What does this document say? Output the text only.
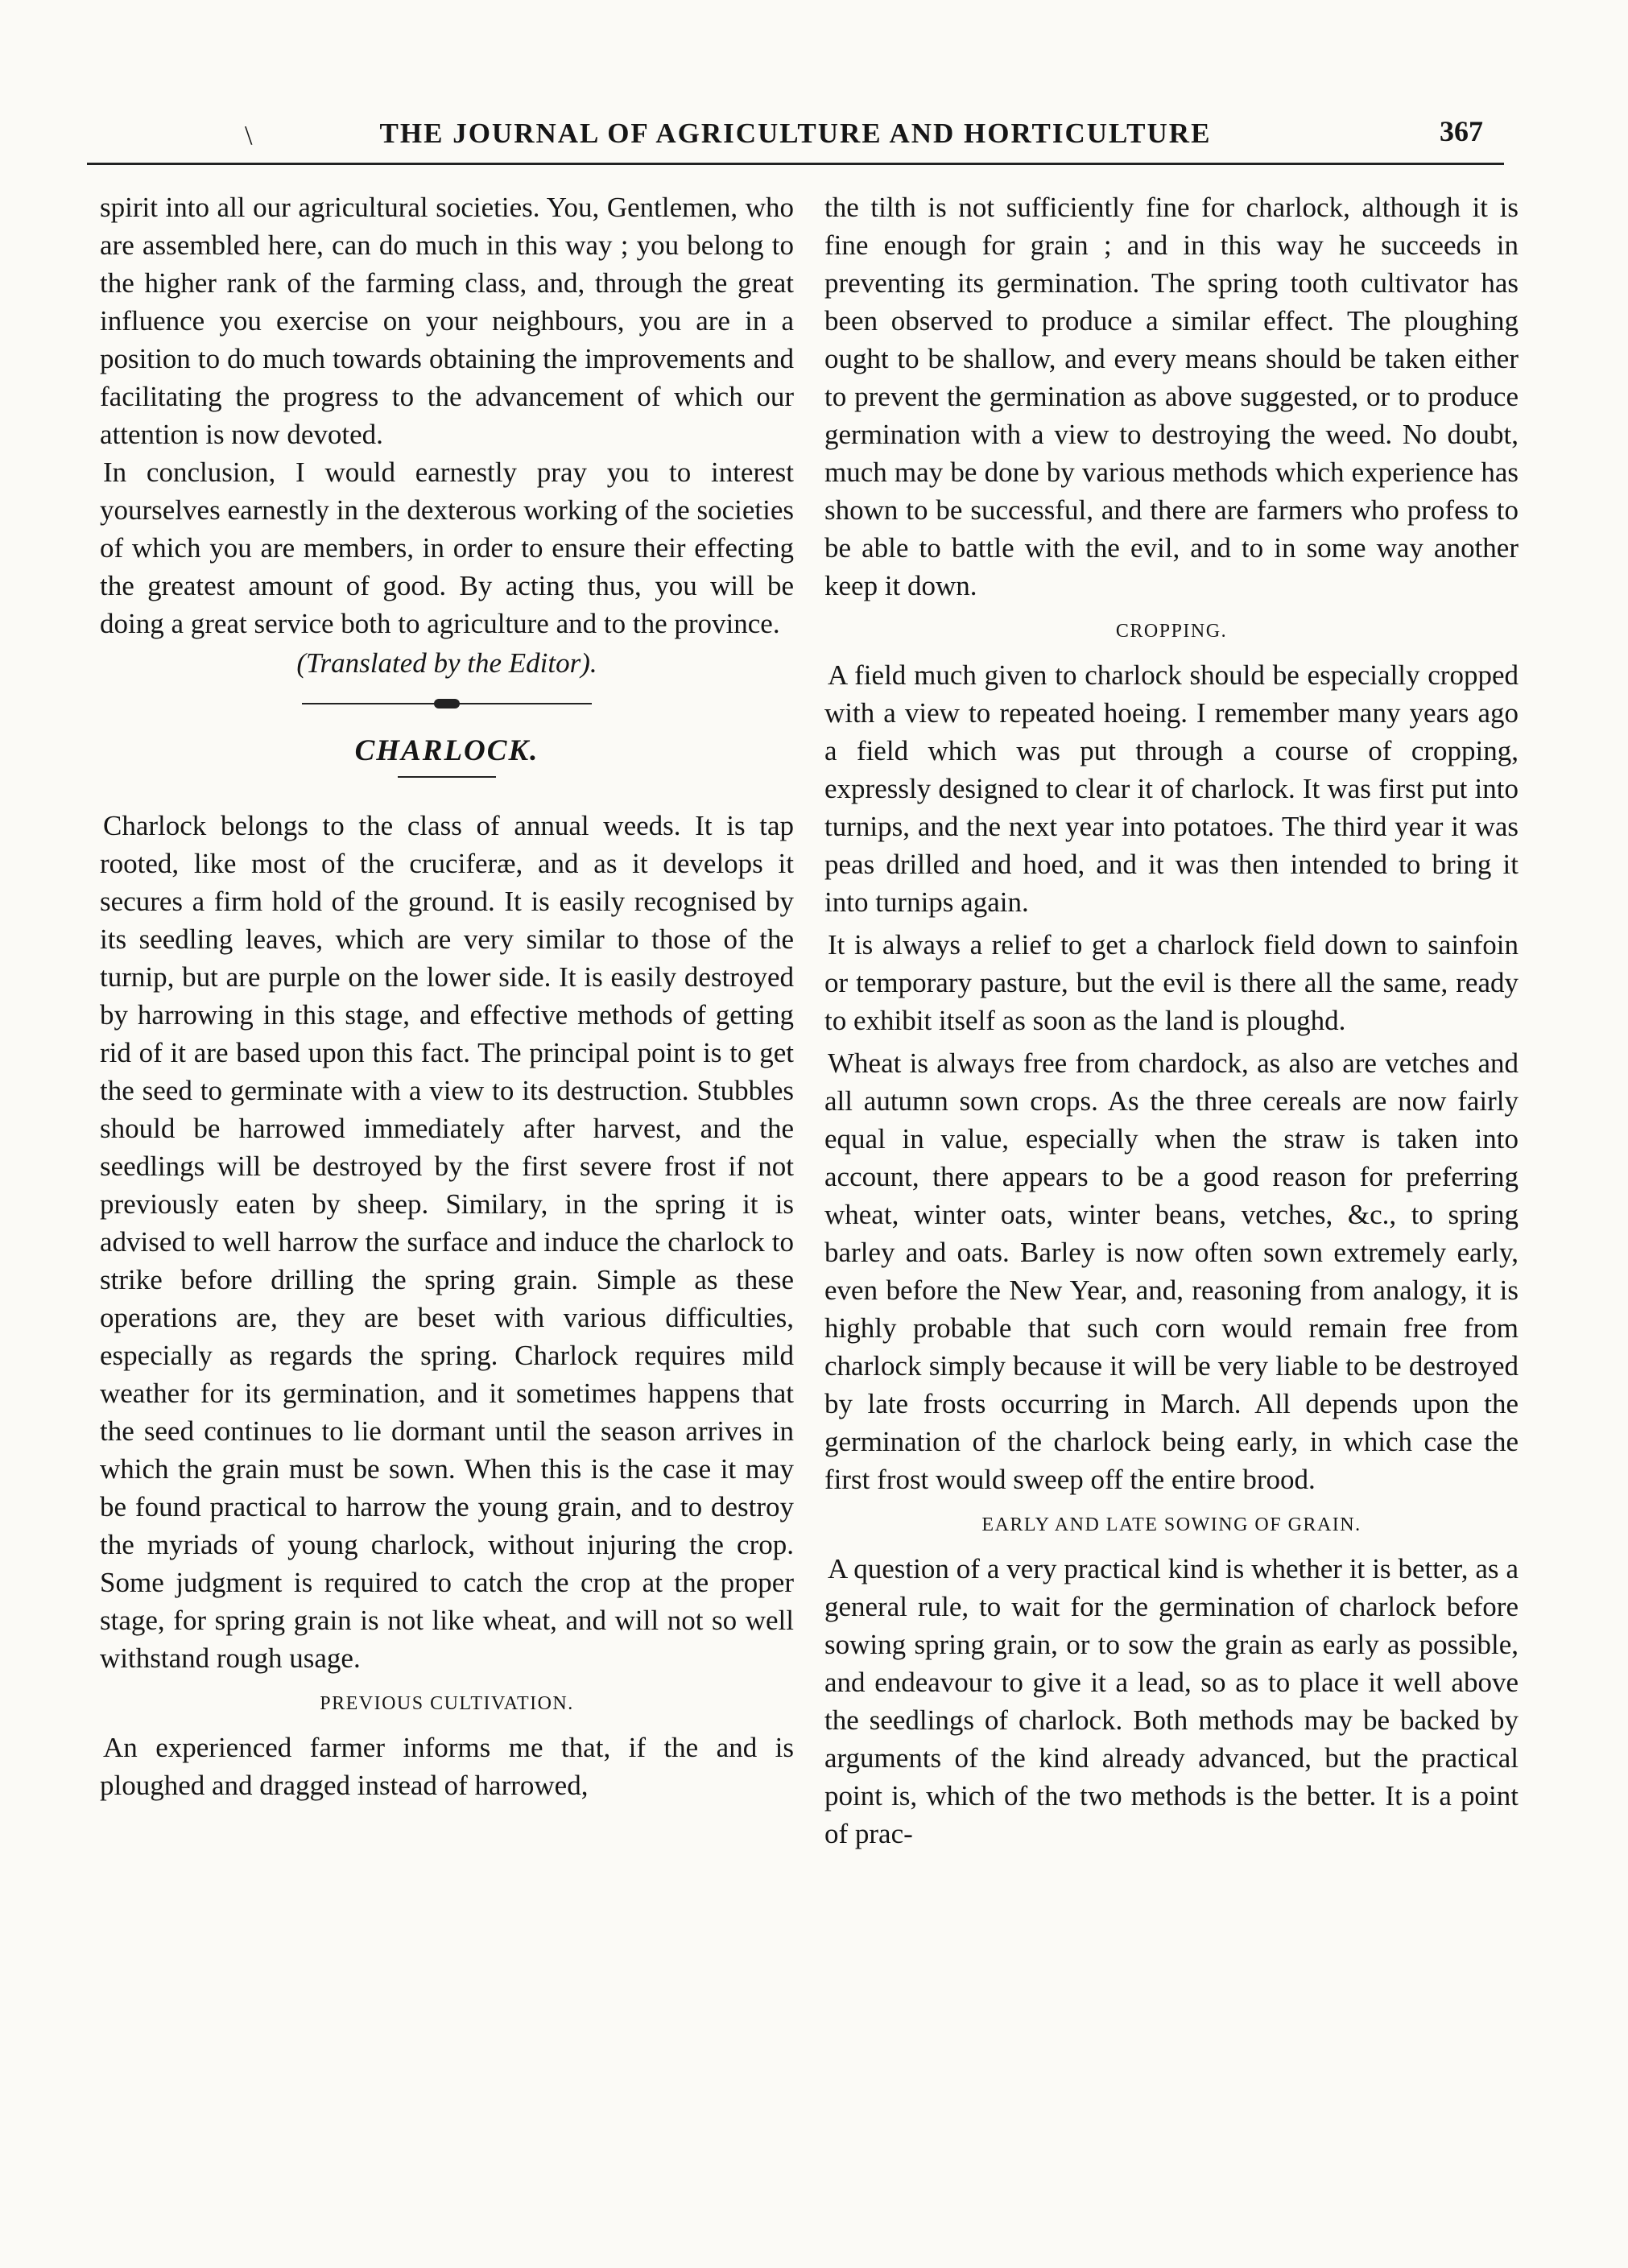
\	THE JOURNAL OF AGRICULTURE AND HORTICULTURE	367

spirit into all our agricultural societies. You, Gentlemen, who are assembled here, can do much in this way ; you belong to the higher rank of the farming class, and, through the great influence you exercise on your neighbours, you are in a position to do much towards obtaining the improvements and facilitating the progress to the advancement of which our attention is now devoted.

In conclusion, I would earnestly pray you to interest yourselves earnestly in the dexterous working of the societies of which you are members, in order to ensure their effecting the greatest amount of good. By acting thus, you will be doing a great service both to agriculture and to the province.

(Translated by the Editor).
CHARLOCK.

Charlock belongs to the class of annual weeds. It is tap rooted, like most of the cruciferæ, and as it develops it secures a firm hold of the ground. It is easily recognised by its seedling leaves, which are very similar to those of the turnip, but are purple on the lower side. It is easily destroyed by harrowing in this stage, and effective methods of getting rid of it are based upon this fact. The principal point is to get the seed to germinate with a view to its destruction. Stubbles should be harrowed immediately after harvest, and the seedlings will be destroyed by the first severe frost if not previously eaten by sheep. Similary, in the spring it is advised to well harrow the surface and induce the charlock to strike before drilling the spring grain. Simple as these operations are, they are beset with various difficulties, especially as regards the spring. Charlock requires mild weather for its germination, and it sometimes happens that the seed continues to lie dormant until the season arrives in which the grain must be sown. When this is the case it may be found practical to harrow the young grain, and to destroy the myriads of young charlock, without injuring the crop. Some judgment is required to catch the crop at the proper stage, for spring grain is not like wheat, and will not so well withstand rough usage.

PREVIOUS CULTIVATION.

An experienced farmer informs me that, if the and is ploughed and dragged instead of harrowed,

the tilth is not sufficiently fine for charlock, although it is fine enough for grain ; and in this way he succeeds in preventing its germination. The spring tooth cultivator has been observed to produce a similar effect. The ploughing ought to be shallow, and every means should be taken either to prevent the germination as above suggested, or to produce germination with a view to destroying the weed. No doubt, much may be done by various methods which experience has shown to be successful, and there are farmers who profess to be able to battle with the evil, and to in some way another keep it down.

CROPPING.

A field much given to charlock should be especially cropped with a view to repeated hoeing. I remember many years ago a field which was put through a course of cropping, expressly designed to clear it of charlock. It was first put into turnips, and the next year into potatoes. The third year it was peas drilled and hoed, and it was then intended to bring it into turnips again.

It is always a relief to get a charlock field down to sainfoin or temporary pasture, but the evil is there all the same, ready to exhibit itself as soon as the land is ploughd.

Wheat is always free from chardock, as also are vetches and all autumn sown crops. As the three cereals are now fairly equal in value, especially when the straw is taken into account, there appears to be a good reason for preferring wheat, winter oats, winter beans, vetches, &c., to spring barley and oats. Barley is now often sown extremely early, even before the New Year, and, reasoning from analogy, it is highly probable that such corn would remain free from charlock simply because it will be very liable to be destroyed by late frosts occurring in March. All depends upon the germination of the charlock being early, in which case the first frost would sweep off the entire brood.

EARLY AND LATE SOWING OF GRAIN.

A question of a very practical kind is whether it is better, as a general rule, to wait for the germination of charlock before sowing spring grain, or to sow the grain as early as possible, and endeavour to give it a lead, so as to place it well above the seedlings of charlock. Both methods may be backed by arguments of the kind already advanced, but the practical point is, which of the two methods is the better. It is a point of prac-
